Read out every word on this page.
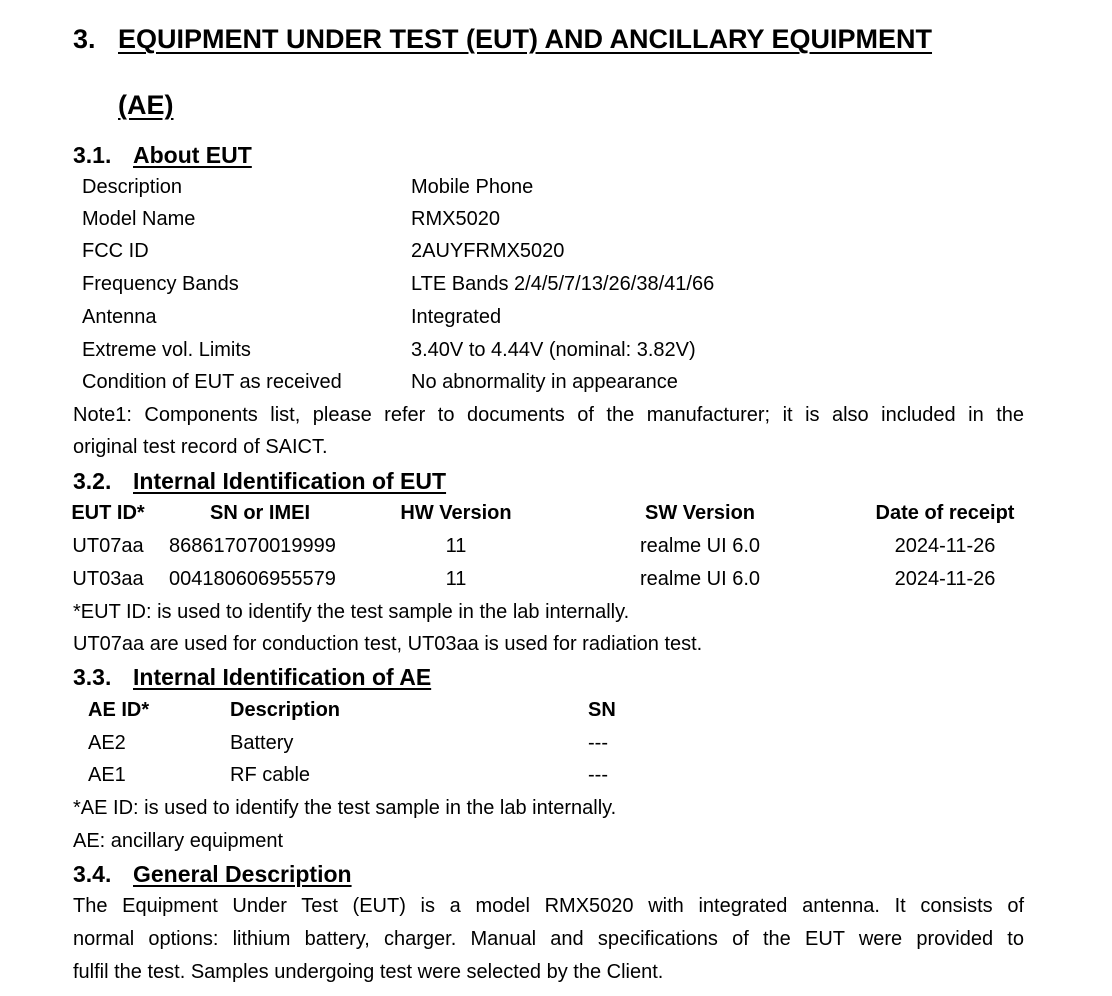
3. EQUIPMENT UNDER TEST (EUT) AND ANCILLARY EQUIPMENT
(AE)
3.1. About EUT
Description	Mobile Phone
Model Name	RMX5020
FCC ID	2AUYFRMX5020
Frequency Bands	LTE Bands 2/4/5/7/13/26/38/41/66
Antenna	Integrated
Extreme vol. Limits	3.40V to 4.44V (nominal: 3.82V)
Condition of EUT as received	No abnormality in appearance
Note1: Components list, please refer to documents of the manufacturer; it is also included in the
original test record of SAICT.
3.2. Internal Identification of EUT
EUT ID*	SN or IMEI	HW Version	SW Version	Date of receipt
UT07aa	868617070019999	11	realme UI 6.0	2024-11-26
UT03aa	004180606955579	11	realme UI 6.0	2024-11-26
*EUT ID: is used to identify the test sample in the lab internally.
UT07aa are used for conduction test, UT03aa is used for radiation test.
3.3. Internal Identification of AE
AE ID*	Description	SN
AE2	Battery	---
AE1	RF cable	---
*AE ID: is used to identify the test sample in the lab internally.
AE: ancillary equipment
3.4. General Description
The Equipment Under Test (EUT) is a model RMX5020 with integrated antenna. It consists of
normal options: lithium battery, charger. Manual and specifications of the EUT were provided to
fulfil the test. Samples undergoing test were selected by the Client.
